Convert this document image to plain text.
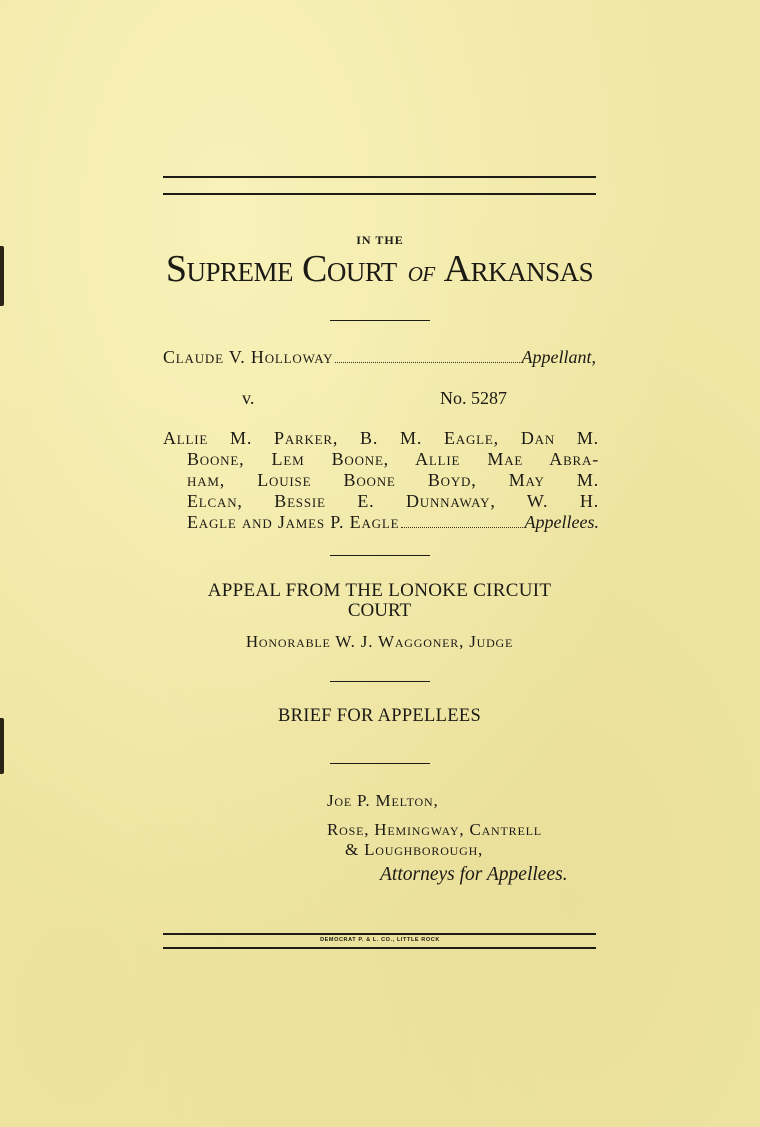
IN THE
Supreme Court of Arkansas
Claude V. Holloway	Appellant,
v.	No. 5287
Allie M. Parker, B. M. Eagle, Dan M.
Boone, Lem Boone, Allie Mae Abra-
ham, Louise Boone Boyd, May M.
Elcan, Bessie E. Dunnaway, W. H.
Eagle and James P. Eagle	Appellees.
APPEAL FROM THE LONOKE CIRCUIT
COURT
Honorable W. J. Waggoner, Judge
BRIEF FOR APPELLEES
Joe P. Melton,
Rose, Hemingway, Cantrell
& Loughborough,
Attorneys for Appellees.
DEMOCRAT P. & L. CO., LITTLE ROCK
